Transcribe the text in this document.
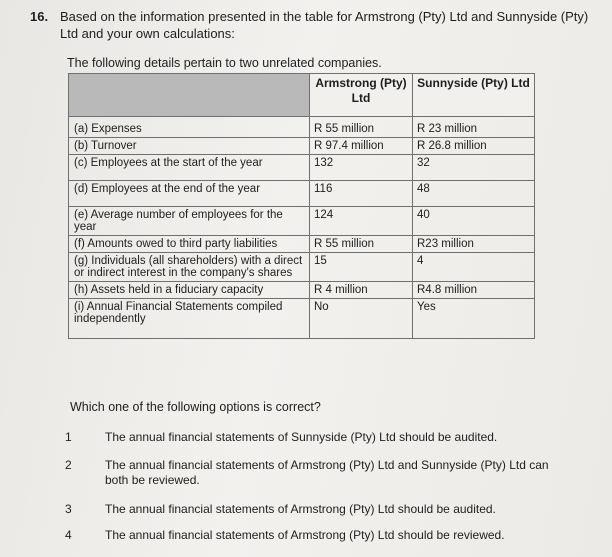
16. Based on the information presented in the table for Armstrong (Pty) Ltd and Sunnyside (Pty) Ltd and your own calculations:
The following details pertain to two unrelated companies.
	Armstrong (Pty) Ltd	Sunnyside (Pty) Ltd
(a) Expenses	R 55 million	R 23 million
(b) Turnover	R 97.4 million	R 26.8 million
(c) Employees at the start of the year	132	32
(d) Employees at the end of the year	116	48
(e) Average number of employees for the year	124	40
(f) Amounts owed to third party liabilities	R 55 million	R23 million
(g) Individuals (all shareholders) with a direct or indirect interest in the company's shares	15	4
(h) Assets held in a fiduciary capacity	R 4 million	R4.8 million
(i) Annual Financial Statements compiled independently	No	Yes
Which one of the following options is correct?
1	The annual financial statements of Sunnyside (Pty) Ltd should be audited.
2	The annual financial statements of Armstrong (Pty) Ltd and Sunnyside (Pty) Ltd can both be reviewed.
3	The annual financial statements of Armstrong (Pty) Ltd should be audited.
4	The annual financial statements of Armstrong (Pty) Ltd should be reviewed.
